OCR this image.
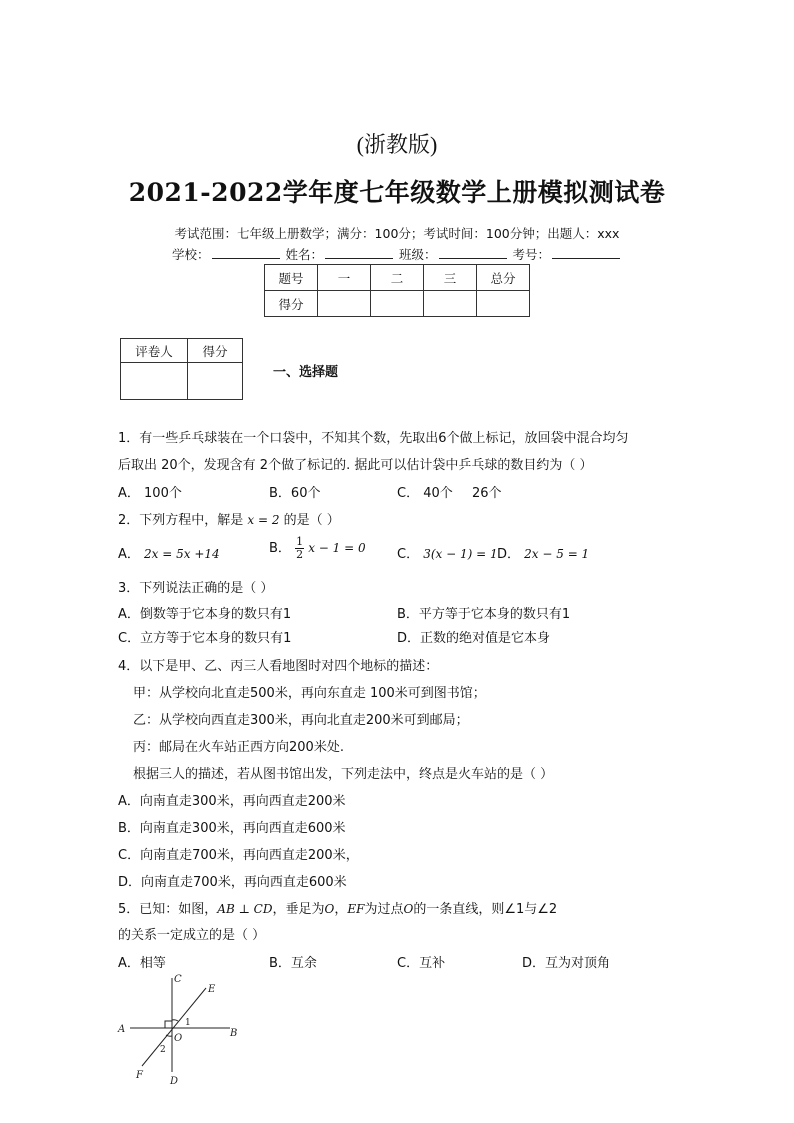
(浙教版)
2021-2022学年度七年级数学上册模拟测试卷
考试范围：七年级上册数学；满分：100分；考试时间：100分钟；出题人：xxx
学校：	姓名：	班级：	考号：
题号	一	二	三	总分
得分				
评卷人	得分

一、选择题
1．有一些乒乓球装在一个口袋中，不知其个数，先取出6个做上标记，放回袋中混合均匀
后取出 20个，发现含有 2个做了标记的. 据此可以估计袋中乒乓球的数目约为（ ）
A． 100个	B．60个	C． 40个 26个
2．下列方程中，解是 x = 2 的是（ ）
A． 2x = 5x +14	B． $\frac{1}{2}$ x − 1 = 0 C． 3(x − 1) = 1 D． 2x − 5 = 1
3．下列说法正确的是（ ）
A．倒数等于它本身的数只有1	B．平方等于它本身的数只有1
C．立方等于它本身的数只有1	D．正数的绝对值是它本身
4．以下是甲、乙、丙三人看地图时对四个地标的描述：
甲：从学校向北直走500米，再向东直走 100米可到图书馆；
乙：从学校向西直走300米，再向北直走200米可到邮局；
丙：邮局在火车站正西方向200米处.
根据三人的描述，若从图书馆出发，下列走法中，终点是火车站的是（ ）
A．向南直走300米，再向西直走200米
B．向南直走300米，再向西直走600米
C．向南直走700米，再向西直走200米，
D．向南直走700米，再向西直走600米
5．已知：如图，AB ⊥ CD，垂足为O，EF为过点O的一条直线，则∠1与∠2
的关系一定成立的是（ ）
A．相等	B．互余	C．互补	D．互为对顶角
A	B
C
D
E
F
O
1
2
